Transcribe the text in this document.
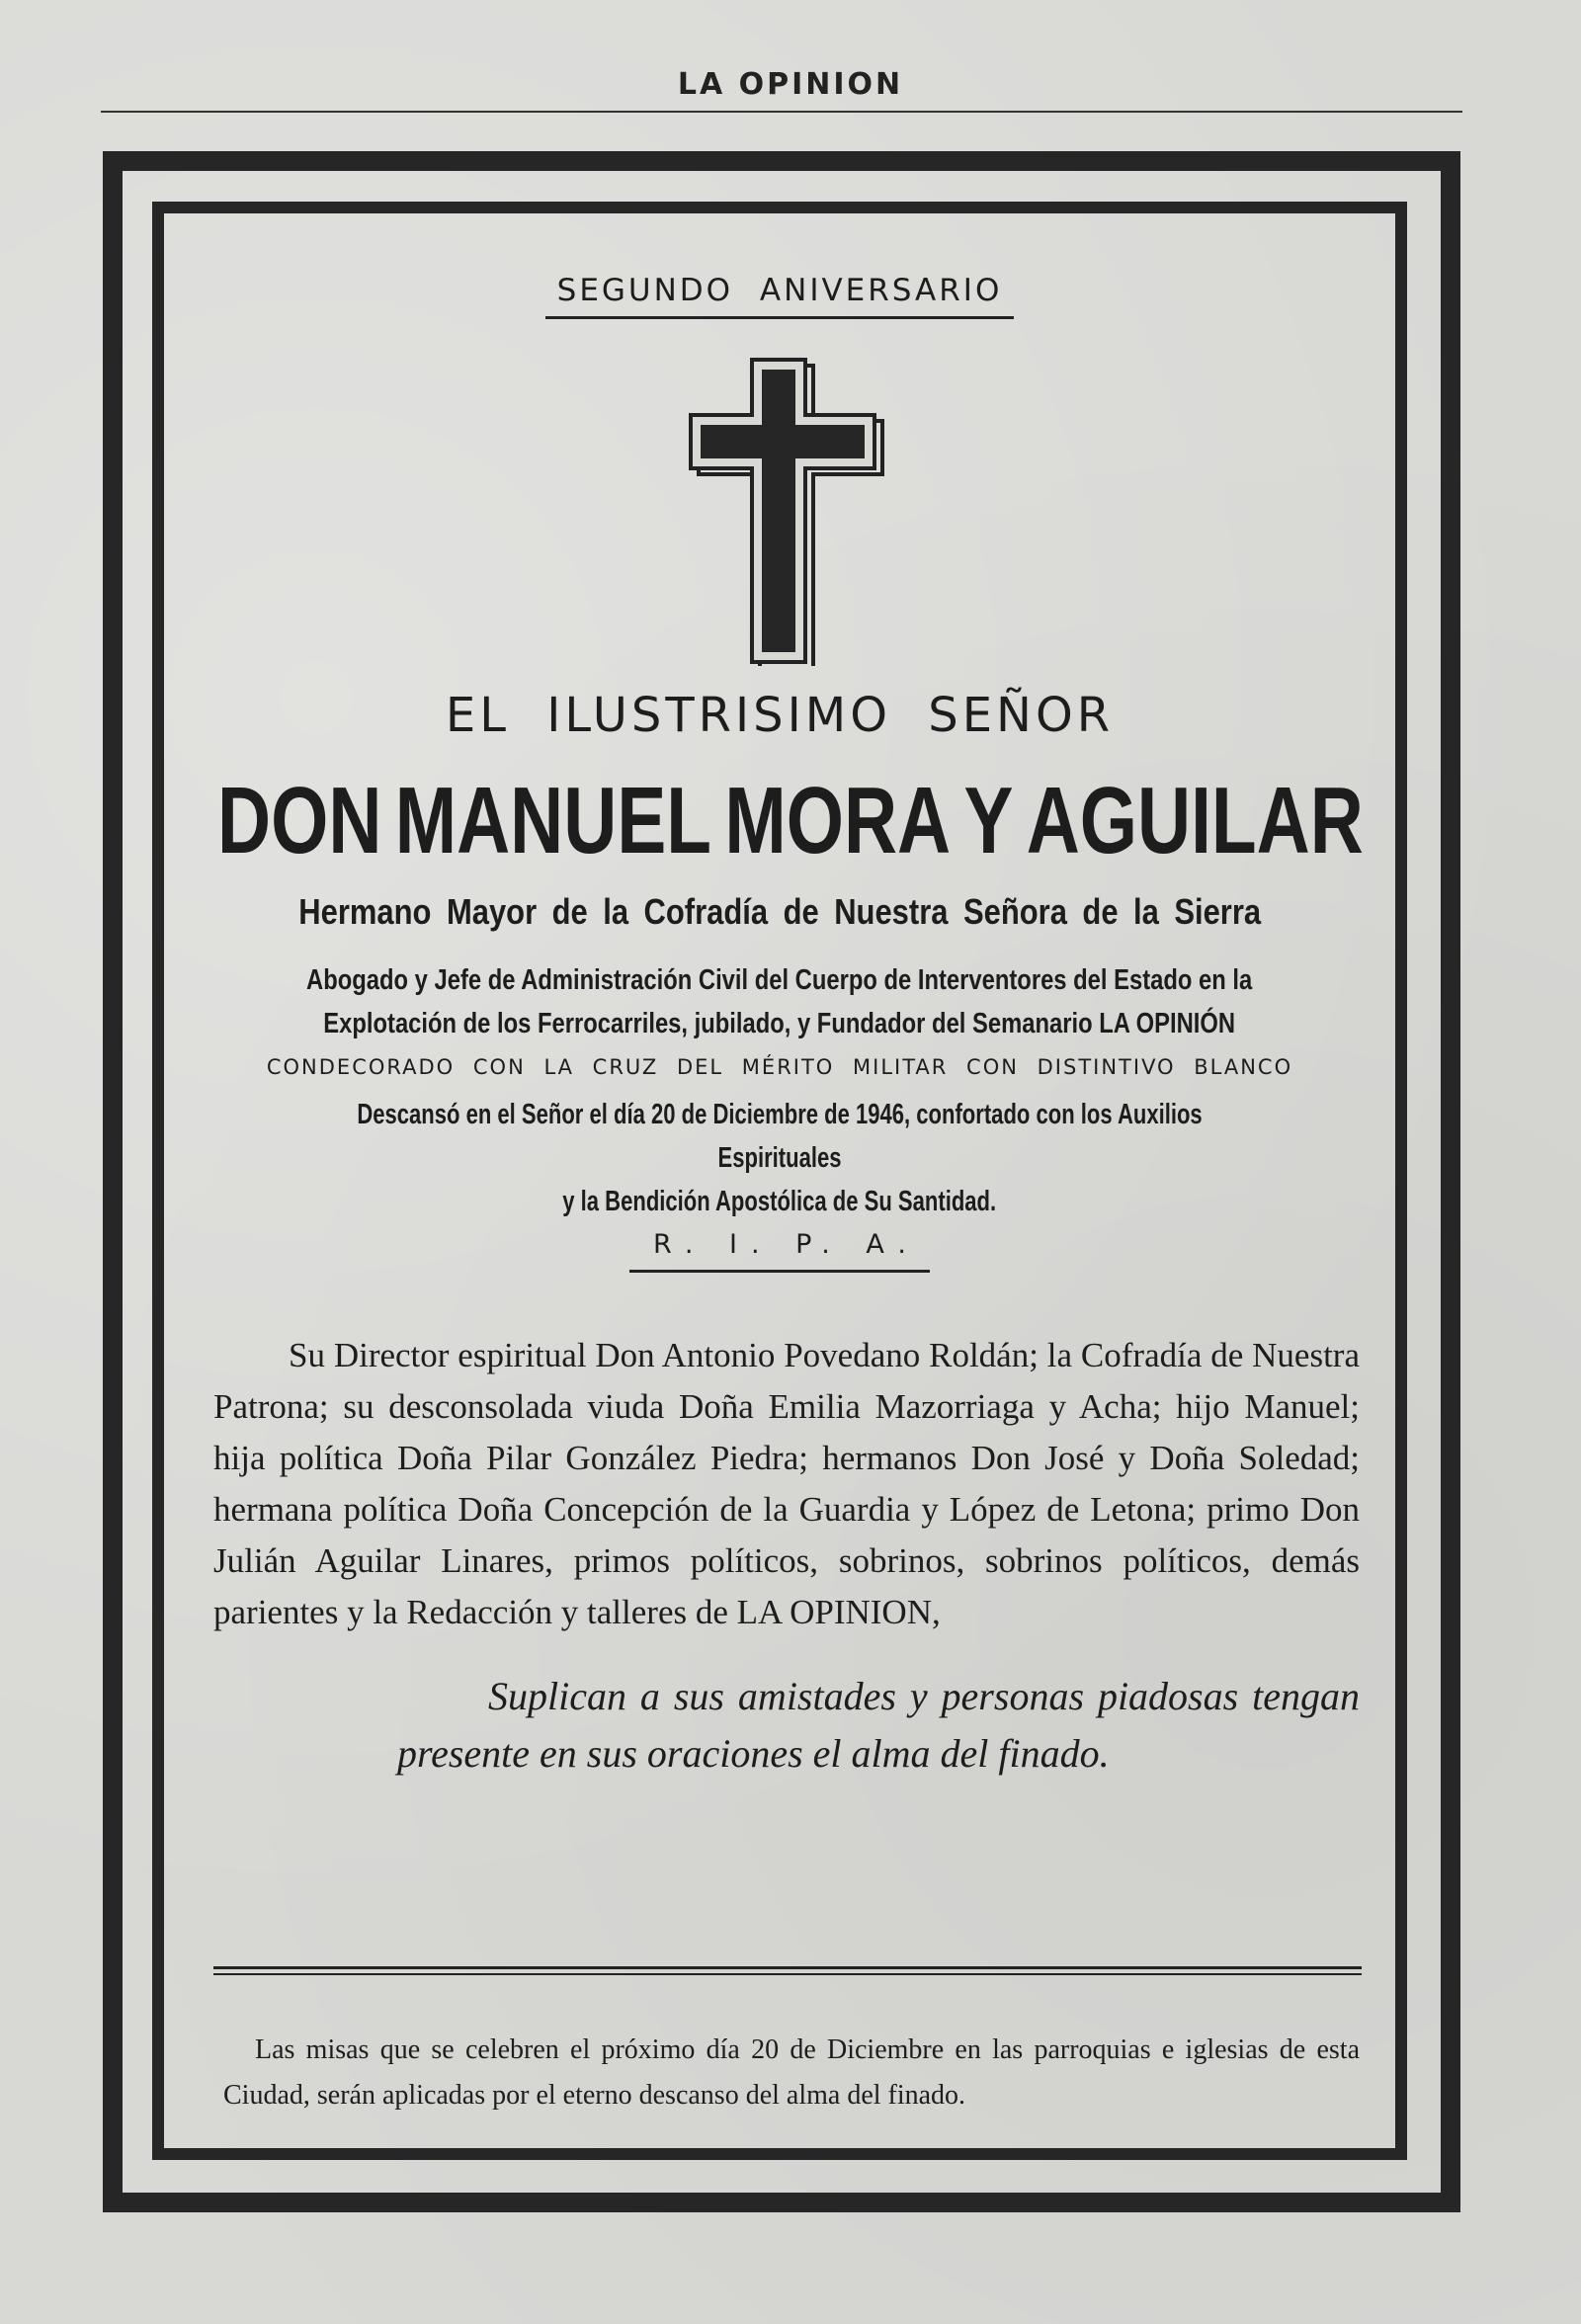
LA OPINION
SEGUNDO ANIVERSARIO
EL ILUSTRISIMO SEÑOR
DON MANUEL MORA Y AGUILAR
Hermano Mayor de la Cofradía de Nuestra Señora de la Sierra
Abogado y Jefe de Administración Civil del Cuerpo de Interventores del Estado en la
Explotación de los Ferrocarriles, jubilado, y Fundador del Semanario LA OPINIÓN
CONDECORADO CON LA CRUZ DEL MÉRITO MILITAR CON DISTINTIVO BLANCO
Descansó en el Señor el día 20 de Diciembre de 1946, confortado con los Auxilios Espirituales
y la Bendición Apostólica de Su Santidad.
R. I. P. A.

Su Director espiritual Don Antonio Povedano Roldán; la Cofradía de Nuestra Patrona; su desconsolada viuda Doña Emilia Mazorriaga y Acha; hijo Manuel; hija política Doña Pilar González Piedra; hermanos Don José y Doña Soledad; hermana política Doña Concepción de la Guardia y López de Letona; primo Don Julián Aguilar Linares, primos políticos, sobrinos, sobrinos políticos, demás parientes y la Redacción y talleres de LA OPINION,

Suplican a sus amistades y personas piadosas tengan presente en sus oraciones el alma del finado.

Las misas que se celebren el próximo día 20 de Diciembre en las parroquias e iglesias de esta Ciudad, serán aplicadas por el eterno descanso del alma del finado.
